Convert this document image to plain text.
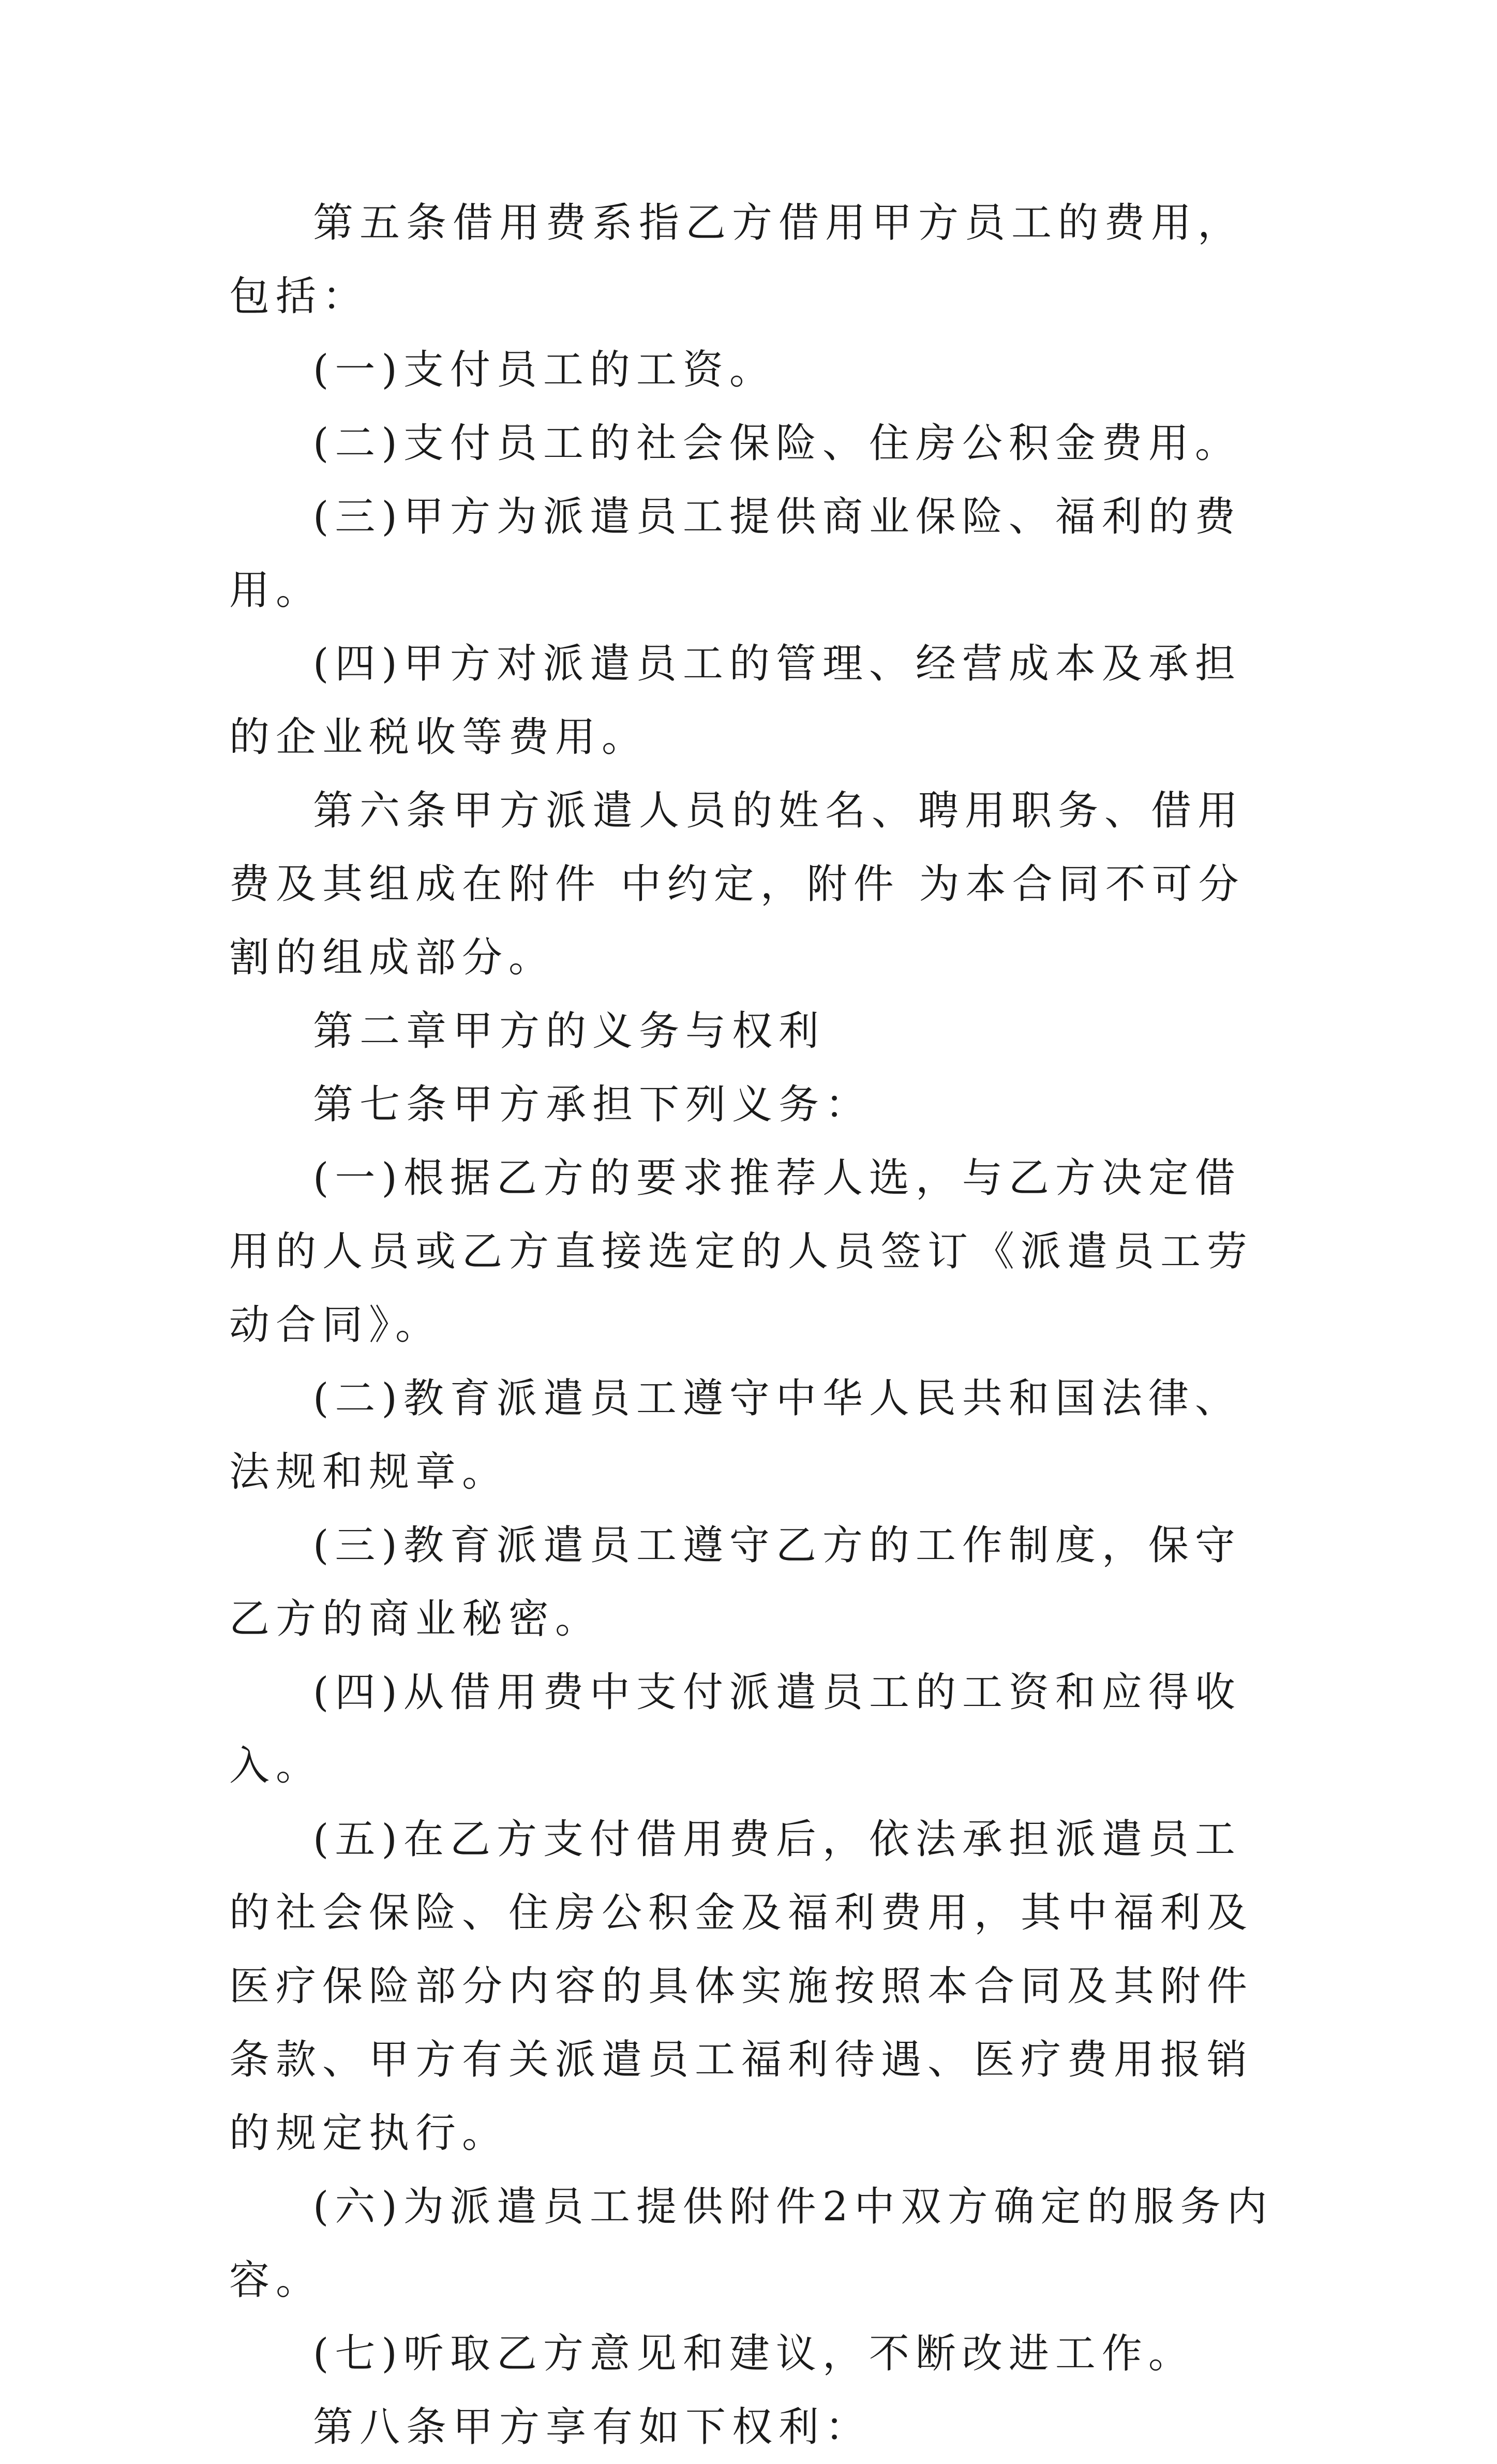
第五条借用费系指乙方借用甲方员工的费用，包括：

(一)支付员工的工资。

(二)支付员工的社会保险、住房公积金费用。

(三)甲方为派遣员工提供商业保险、福利的费用。

(四)甲方对派遣员工的管理、经营成本及承担的企业税收等费用。

第六条甲方派遣人员的姓名、聘用职务、借用费及其组成在附件 中约定，附件 为本合同不可分割的组成部分。

第二章甲方的义务与权利

第七条甲方承担下列义务：

(一)根据乙方的要求推荐人选，与乙方决定借用的人员或乙方直接选定的人员签订《派遣员工劳动合同》。

(二)教育派遣员工遵守中华人民共和国法律、法规和规章。

(三)教育派遣员工遵守乙方的工作制度，保守乙方的商业秘密。

(四)从借用费中支付派遣员工的工资和应得收入。

(五)在乙方支付借用费后，依法承担派遣员工的社会保险、住房公积金及福利费用，其中福利及医疗保险部分内容的具体实施按照本合同及其附件条款、甲方有关派遣员工福利待遇、医疗费用报销的规定执行。

(六)为派遣员工提供附件2中双方确定的服务内容。

(七)听取乙方意见和建议，不断改进工作。

第八条甲方享有如下权利：
